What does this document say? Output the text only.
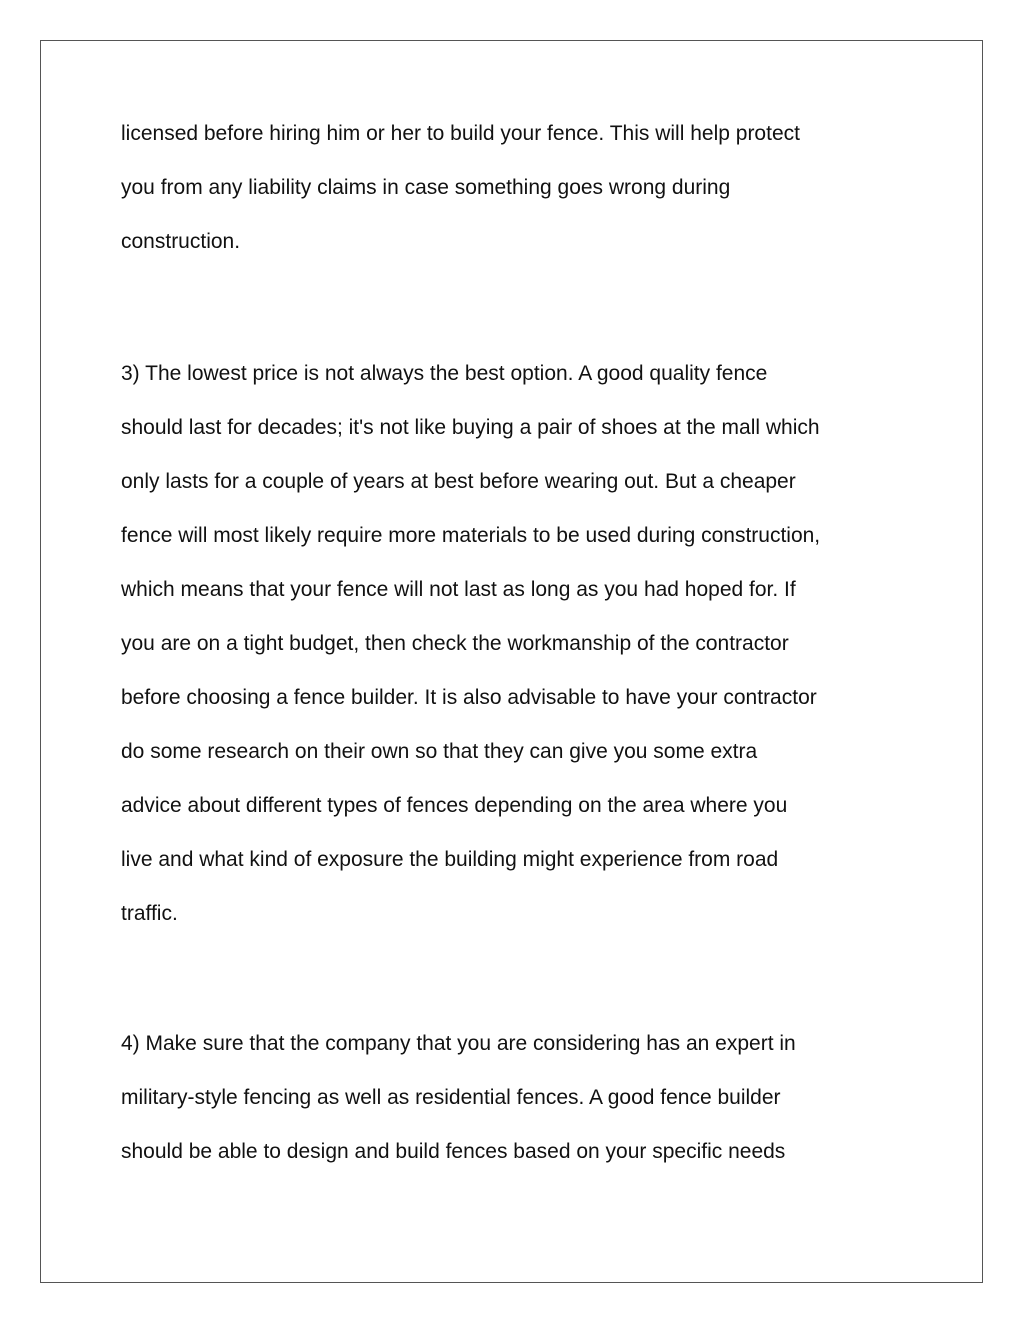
licensed before hiring him or her to build your fence. This will help protect

you from any liability claims in case something goes wrong during

construction.

3) The lowest price is not always the best option. A good quality fence

should last for decades; it's not like buying a pair of shoes at the mall which

only lasts for a couple of years at best before wearing out. But a cheaper

fence will most likely require more materials to be used during construction,

which means that your fence will not last as long as you had hoped for. If

you are on a tight budget, then check the workmanship of the contractor

before choosing a fence builder. It is also advisable to have your contractor

do some research on their own so that they can give you some extra

advice about different types of fences depending on the area where you

live and what kind of exposure the building might experience from road

traffic.

4) Make sure that the company that you are considering has an expert in

military-style fencing as well as residential fences. A good fence builder

should be able to design and build fences based on your specific needs
